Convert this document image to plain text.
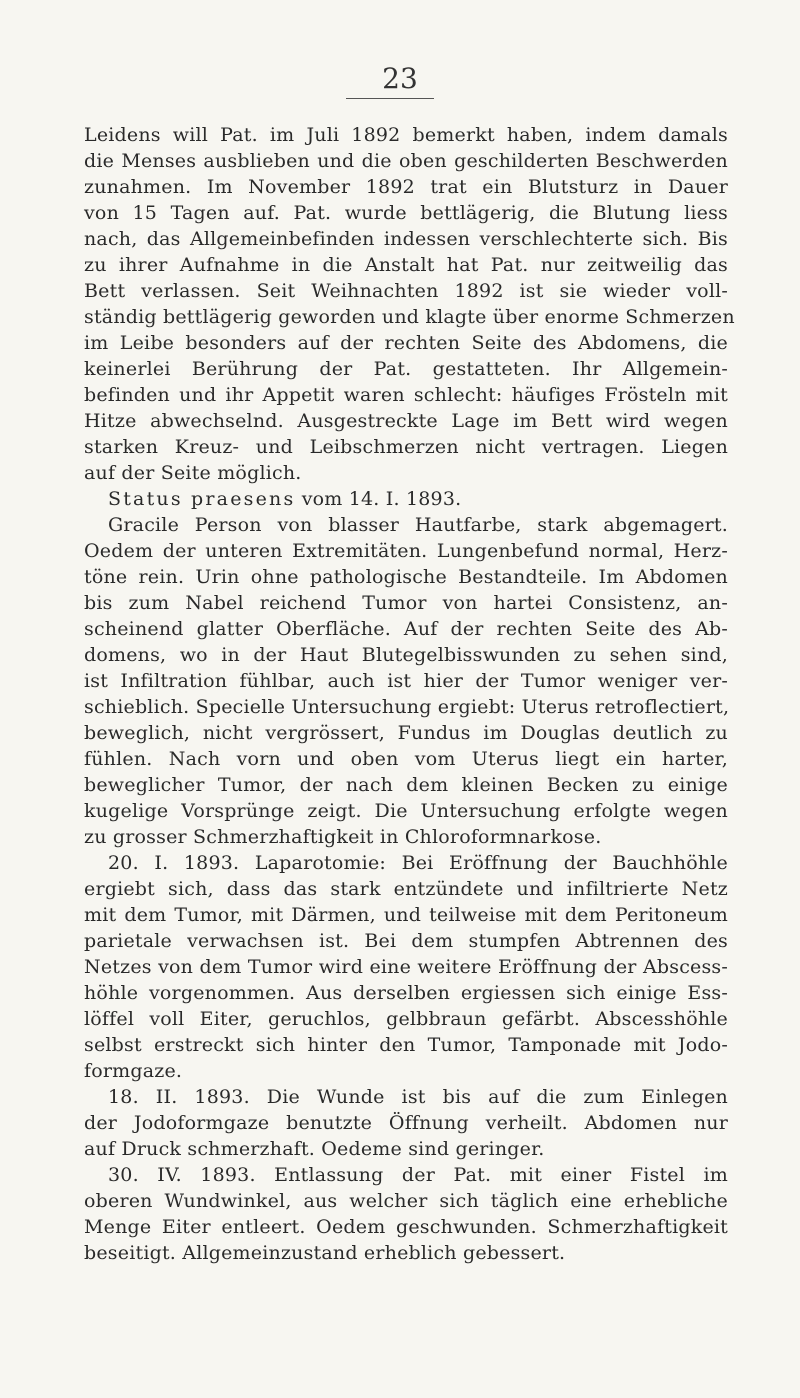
23
Leidens will Pat. im Juli 1892 bemerkt haben, indem damals
die Menses ausblieben und die oben geschilderten Beschwerden
zunahmen. Im November 1892 trat ein Blutsturz in Dauer
von 15 Tagen auf. Pat. wurde bettlägerig, die Blutung liess
nach, das Allgemeinbefinden indessen verschlechterte sich. Bis
zu ihrer Aufnahme in die Anstalt hat Pat. nur zeitweilig das
Bett verlassen. Seit Weihnachten 1892 ist sie wieder voll-
ständig bettlägerig geworden und klagte über enorme Schmerzen
im Leibe besonders auf der rechten Seite des Abdomens, die
keinerlei Berührung der Pat. gestatteten. Ihr Allgemein-
befinden und ihr Appetit waren schlecht: häufiges Frösteln mit
Hitze abwechselnd. Ausgestreckte Lage im Bett wird wegen
starken Kreuz- und Leibschmerzen nicht vertragen. Liegen
auf der Seite möglich.
Status praesens vom 14. I. 1893.
Gracile Person von blasser Hautfarbe, stark abgemagert.
Oedem der unteren Extremitäten. Lungenbefund normal, Herz-
töne rein. Urin ohne pathologische Bestandteile. Im Abdomen
bis zum Nabel reichend Tumor von hartei Consistenz, an-
scheinend glatter Oberfläche. Auf der rechten Seite des Ab-
domens, wo in der Haut Blutegelbisswunden zu sehen sind,
ist Infiltration fühlbar, auch ist hier der Tumor weniger ver-
schieblich. Specielle Untersuchung ergiebt: Uterus retroflectiert,
beweglich, nicht vergrössert, Fundus im Douglas deutlich zu
fühlen. Nach vorn und oben vom Uterus liegt ein harter,
beweglicher Tumor, der nach dem kleinen Becken zu einige
kugelige Vorsprünge zeigt. Die Untersuchung erfolgte wegen
zu grosser Schmerzhaftigkeit in Chloroformnarkose.
20. I. 1893. Laparotomie: Bei Eröffnung der Bauchhöhle
ergiebt sich, dass das stark entzündete und infiltrierte Netz
mit dem Tumor, mit Därmen, und teilweise mit dem Peritoneum
parietale verwachsen ist. Bei dem stumpfen Abtrennen des
Netzes von dem Tumor wird eine weitere Eröffnung der Abscess-
höhle vorgenommen. Aus derselben ergiessen sich einige Ess-
löffel voll Eiter, geruchlos, gelbbraun gefärbt. Abscesshöhle
selbst erstreckt sich hinter den Tumor, Tamponade mit Jodo-
formgaze.
18. II. 1893. Die Wunde ist bis auf die zum Einlegen
der Jodoformgaze benutzte Öffnung verheilt. Abdomen nur
auf Druck schmerzhaft. Oedeme sind geringer.
30. IV. 1893. Entlassung der Pat. mit einer Fistel im
oberen Wundwinkel, aus welcher sich täglich eine erhebliche
Menge Eiter entleert. Oedem geschwunden. Schmerzhaftigkeit
beseitigt. Allgemeinzustand erheblich gebessert.
